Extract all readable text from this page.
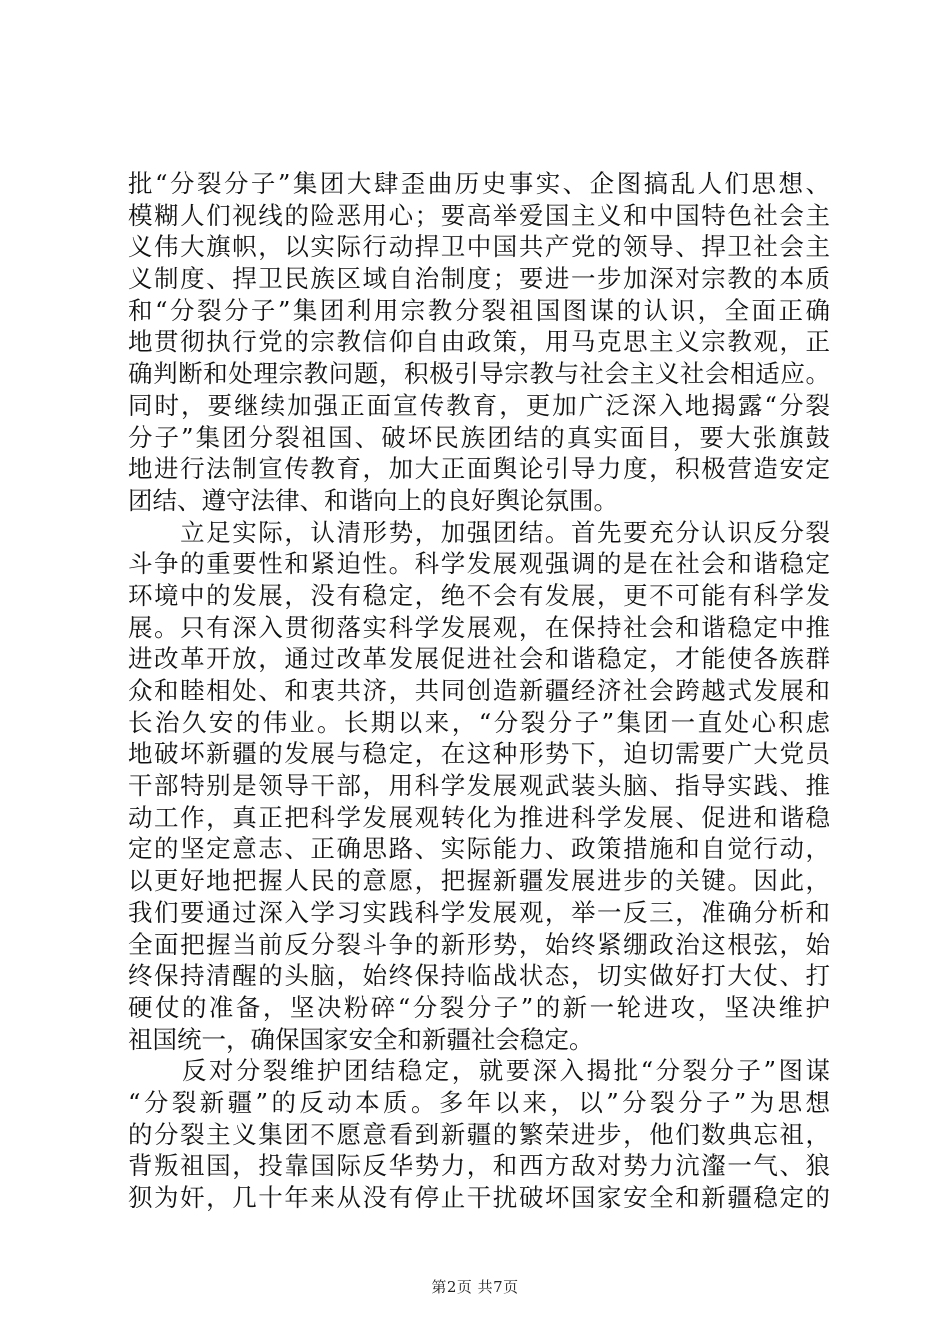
批“分裂分子”集团大肆歪曲历史事实、企图搞乱人们思想、
模糊人们视线的险恶用心；要高举爱国主义和中国特色社会主
义伟大旗帜，以实际行动捍卫中国共产党的领导、捍卫社会主
义制度、捍卫民族区域自治制度；要进一步加深对宗教的本质
和“分裂分子”集团利用宗教分裂祖国图谋的认识，全面正确
地贯彻执行党的宗教信仰自由政策，用马克思主义宗教观，正
确判断和处理宗教问题，积极引导宗教与社会主义社会相适应。
同时，要继续加强正面宣传教育，更加广泛深入地揭露“分裂
分子”集团分裂祖国、破坏民族团结的真实面目，要大张旗鼓
地进行法制宣传教育，加大正面舆论引导力度，积极营造安定
团结、遵守法律、和谐向上的良好舆论氛围。
　　立足实际，认清形势，加强团结。首先要充分认识反分裂
斗争的重要性和紧迫性。科学发展观强调的是在社会和谐稳定
环境中的发展，没有稳定，绝不会有发展，更不可能有科学发
展。只有深入贯彻落实科学发展观，在保持社会和谐稳定中推
进改革开放，通过改革发展促进社会和谐稳定，才能使各族群
众和睦相处、和衷共济，共同创造新疆经济社会跨越式发展和
长治久安的伟业。长期以来，“分裂分子”集团一直处心积虑
地破坏新疆的发展与稳定，在这种形势下，迫切需要广大党员
干部特别是领导干部，用科学发展观武装头脑、指导实践、推
动工作，真正把科学发展观转化为推进科学发展、促进和谐稳
定的坚定意志、正确思路、实际能力、政策措施和自觉行动，
以更好地把握人民的意愿，把握新疆发展进步的关键。因此，
我们要通过深入学习实践科学发展观，举一反三，准确分析和
全面把握当前反分裂斗争的新形势，始终紧绷政治这根弦，始
终保持清醒的头脑，始终保持临战状态，切实做好打大仗、打
硬仗的准备，坚决粉碎“分裂分子”的新一轮进攻，坚决维护
祖国统一，确保国家安全和新疆社会稳定。
　　反对分裂维护团结稳定，就要深入揭批“分裂分子”图谋
“分裂新疆”的反动本质。多年以来，以”分裂分子”为思想
的分裂主义集团不愿意看到新疆的繁荣进步，他们数典忘祖，
背叛祖国，投靠国际反华势力，和西方敌对势力沆瀣一气、狼
狈为奸，几十年来从没有停止干扰破坏国家安全和新疆稳定的
第2页 共7页
